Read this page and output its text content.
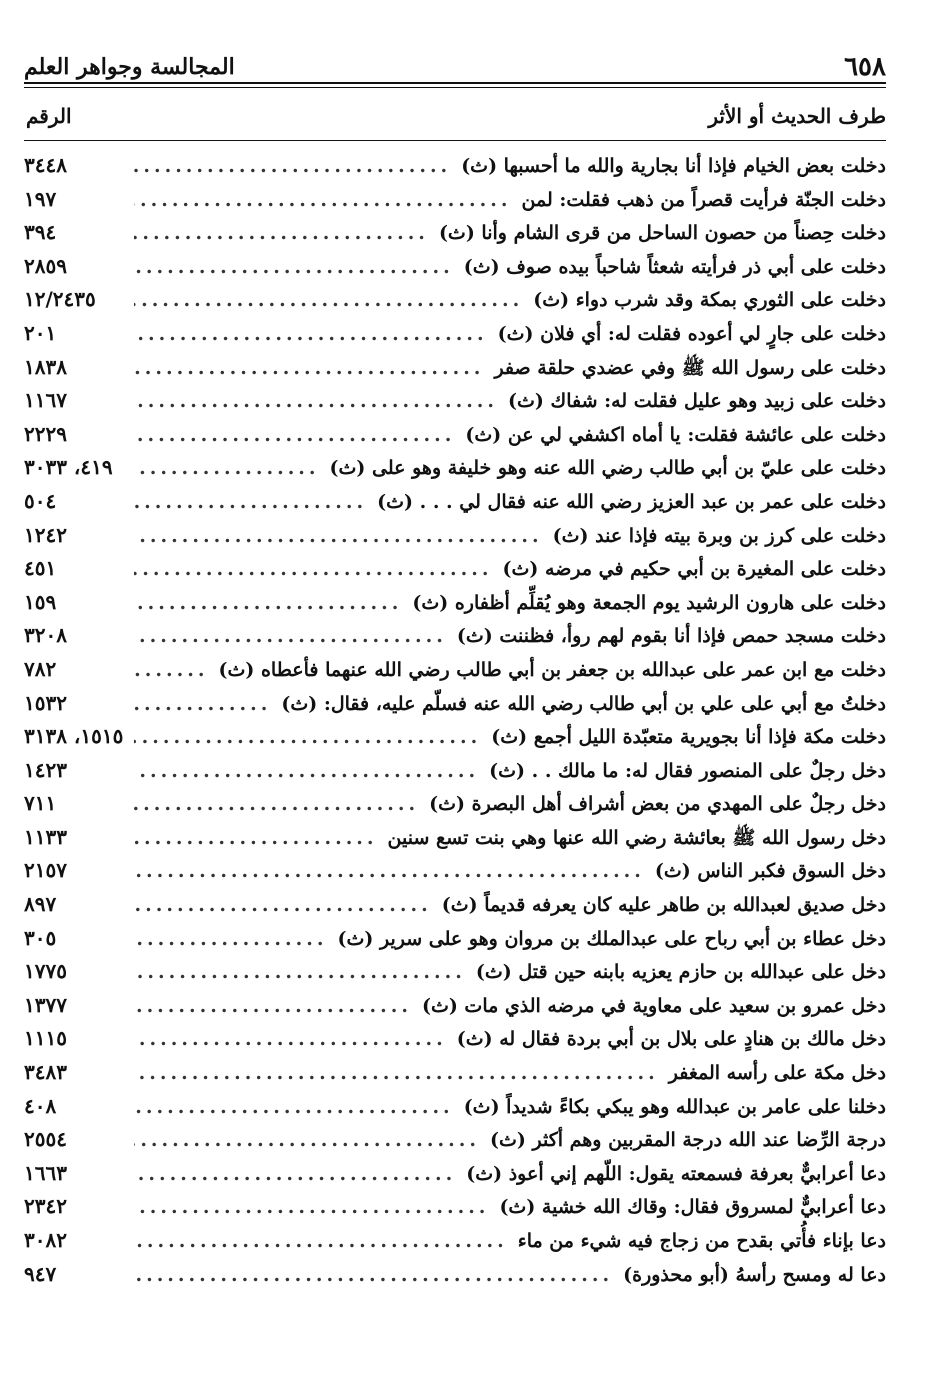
٦٥٨
المجالسة وجواهر العلم
طرف الحديث أو الأثر
الرقم
دخلت بعض الخيام فإذا أنا بجارية والله ما أحسبها (ث)
.....
٣٤٤٨
دخلت الجنّة فرأيت قصراً من ذهب فقلت: لمن
.....
١٩٧
دخلت حِصناً من حصون الساحل من قرى الشام وأنا (ث)
.....
٣٩٤
دخلت على أبي ذر فرأيته شعثاً شاحباً بيده صوف (ث)
.....
٢٨٥٩
دخلت على الثوري بمكة وقد شرب دواء (ث)
.....
١٢/٢٤٣٥
دخلت على جارٍ لي أعوده فقلت له: أي فلان (ث)
.....
٢٠١
دخلت على رسول الله ﷺ وفي عضدي حلقة صفر
.....
١٨٣٨
دخلت على زبيد وهو عليل فقلت له: شفاك (ث)
.....
١١٦٧
دخلت على عائشة فقلت: يا أماه اكشفي لي عن (ث)
.....
٢٢٢٩
دخلت على عليّ بن أبي طالب رضي الله عنه وهو خليفة وهو على (ث)
.....
٤١٩، ٣٠٣٣
دخلت على عمر بن عبد العزيز رضي الله عنه فقال لي . . . (ث)
.....
٥٠٤
دخلت على كرز بن وبرة بيته فإذا عند (ث)
.....
١٢٤٢
دخلت على المغيرة بن أبي حكيم في مرضه (ث)
.....
٤٥١
دخلت على هارون الرشيد يوم الجمعة وهو يُقلِّم أظفاره (ث)
.....
١٥٩
دخلت مسجد حمص فإذا أنا بقوم لهم روأ، فظننت (ث)
.....
٣٢٠٨
دخلت مع ابن عمر على عبدالله بن جعفر بن أبي طالب رضي الله عنهما فأعطاه (ث)
.....
٧٨٢
دخلتُ مع أبي على علي بن أبي طالب رضي الله عنه فسلّم عليه، فقال: (ث)
.....
١٥٣٢
دخلت مكة فإذا أنا بجويرية متعبّدة الليل أجمع (ث)
.....
١٥١٥، ٣١٣٨
دخل رجلٌ على المنصور فقال له: ما مالك . . (ث)
.....
١٤٢٣
دخل رجلٌ على المهدي من بعض أشراف أهل البصرة (ث)
.....
٧١١
دخل رسول الله ﷺ بعائشة رضي الله عنها وهي بنت تسع سنين
.....
١١٣٣
دخل السوق فكبر الناس (ث)
.....
٢١٥٧
دخل صديق لعبدالله بن طاهر عليه كان يعرفه قديماً (ث)
.....
٨٩٧
دخل عطاء بن أبي رباح على عبدالملك بن مروان وهو على سرير (ث)
.....
٣٠٥
دخل على عبدالله بن حازم يعزيه بابنه حين قتل (ث)
.....
١٧٧٥
دخل عمرو بن سعيد على معاوية في مرضه الذي مات (ث)
.....
١٣٧٧
دخل مالك بن هنادٍ على بلال بن أبي بردة فقال له (ث)
.....
١١١٥
دخل مكة على رأسه المغفر
.....
٣٤٨٣
دخلنا على عامر بن عبدالله وهو يبكي بكاءً شديداً (ث)
.....
٤٠٨
درجة الرِّضا عند الله درجة المقربين وهم أكثر (ث)
.....
٢٥٥٤
دعا أعرابيٌّ بعرفة فسمعته يقول: اللّهم إني أعوذ (ث)
.....
١٦٦٣
دعا أعرابيٌّ لمسروق فقال: وقاك الله خشية (ث)
.....
٢٣٤٢
دعا بإناء فأُتي بقدح من زجاج فيه شيء من ماء
.....
٣٠٨٢
دعا له ومسح رأسهُ (أبو محذورة)
.....
٩٤٧
